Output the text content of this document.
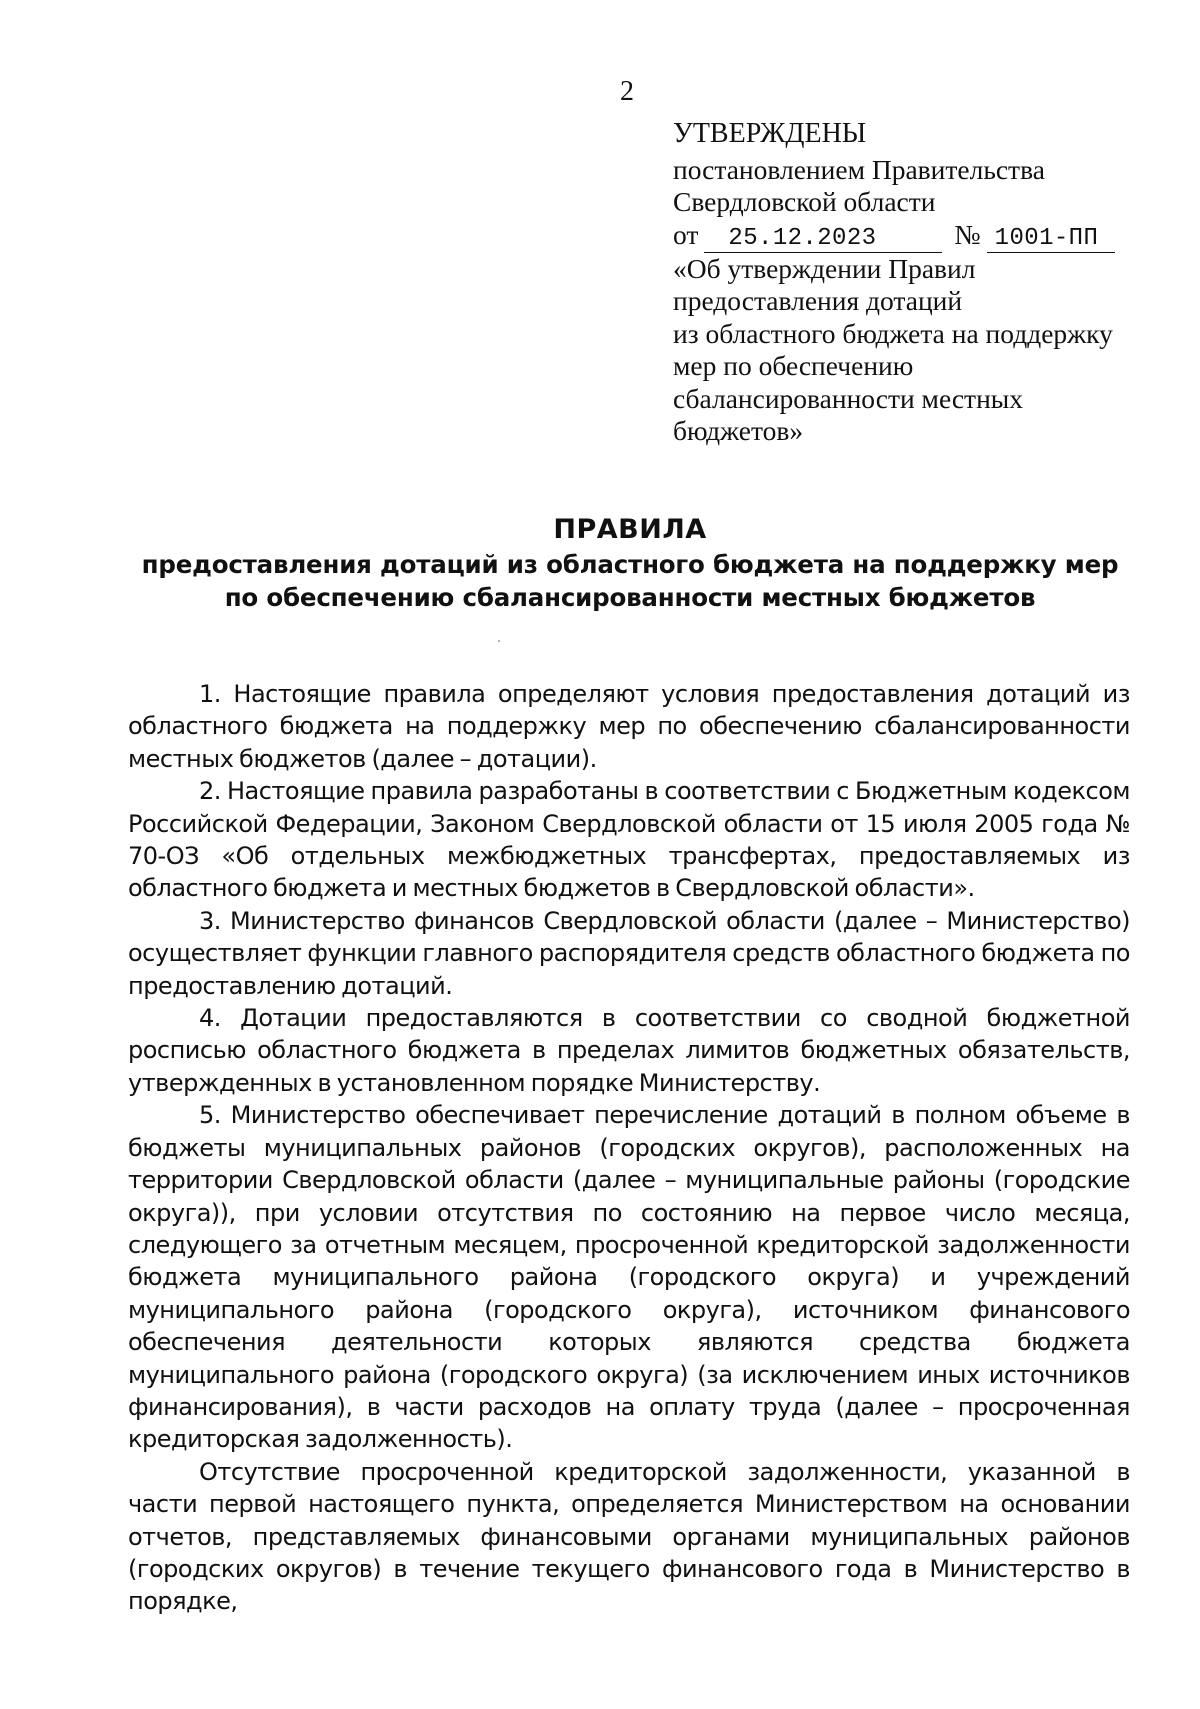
2
УТВЕРЖДЕНЫ
постановлением Правительства
Свердловской области
от 25.12.2023	№ 1001-ПП
«Об утверждении Правил
предоставления дотаций
из областного бюджета на поддержку
мер по обеспечению
сбалансированности местных
бюджетов»
ПРАВИЛА
предоставления дотаций из областного бюджета на поддержку мер
по обеспечению сбалансированности местных бюджетов

1. Настоящие правила определяют условия предоставления дотаций из областного бюджета на поддержку мер по обеспечению сбалансированности местных бюджетов (далее – дотации).

2. Настоящие правила разработаны в соответствии с Бюджетным кодексом Российской Федерации, Законом Свердловской области от 15 июля 2005 года № 70-ОЗ «Об отдельных межбюджетных трансфертах, предоставляемых из областного бюджета и местных бюджетов в Свердловской области».

3. Министерство финансов Свердловской области (далее – Министерство) осуществляет функции главного распорядителя средств областного бюджета по предоставлению дотаций.

4. Дотации предоставляются в соответствии со сводной бюджетной росписью областного бюджета в пределах лимитов бюджетных обязательств, утвержденных в установленном порядке Министерству.

5. Министерство обеспечивает перечисление дотаций в полном объеме в бюджеты муниципальных районов (городских округов), расположенных на территории Свердловской области (далее – муниципальные районы (городские округа)), при условии отсутствия по состоянию на первое число месяца, следующего за отчетным месяцем, просроченной кредиторской задолженности бюджета муниципального района (городского округа) и учреждений муниципального района (городского округа), источником финансового обеспечения деятельности которых являются средства бюджета муниципального района (городского округа) (за исключением иных источников финансирования), в части расходов на оплату труда (далее – просроченная кредиторская задолженность).

Отсутствие просроченной кредиторской задолженности, указанной в части первой настоящего пункта, определяется Министерством на основании отчетов, представляемых финансовыми органами муниципальных районов (городских округов) в течение текущего финансового года в Министерство в порядке,
